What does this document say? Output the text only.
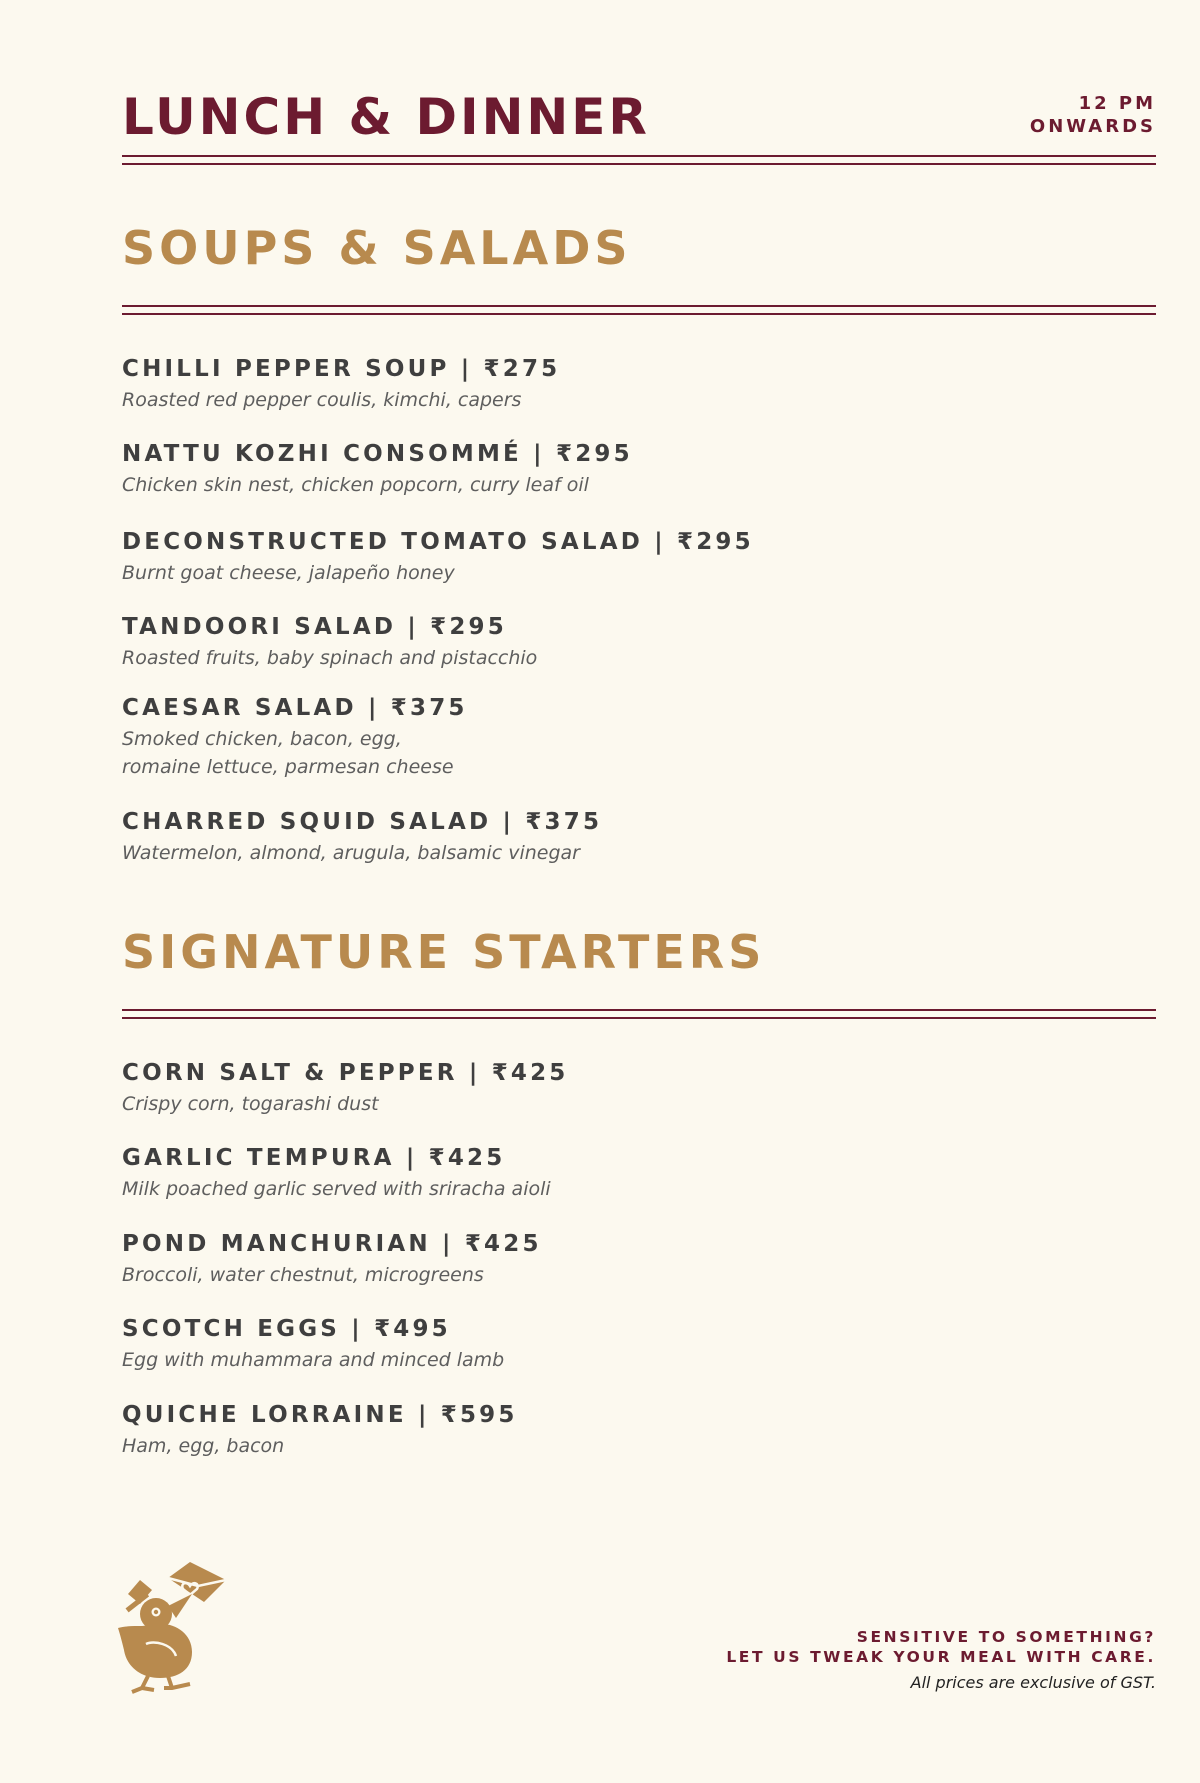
LUNCH & DINNER	12 PM
ONWARDS
SOUPS & SALADS
CHILLI PEPPER SOUP | ₹275
Roasted red pepper coulis, kimchi, capers
NATTU KOZHI CONSOMMÉ | ₹295
Chicken skin nest, chicken popcorn, curry leaf oil
DECONSTRUCTED TOMATO SALAD | ₹295
Burnt goat cheese, jalapeño honey
TANDOORI SALAD | ₹295
Roasted fruits, baby spinach and pistacchio
CAESAR SALAD | ₹375
Smoked chicken, bacon, egg,
romaine lettuce, parmesan cheese
CHARRED SQUID SALAD | ₹375
Watermelon, almond, arugula, balsamic vinegar
SIGNATURE STARTERS
CORN SALT & PEPPER | ₹425
Crispy corn, togarashi dust
GARLIC TEMPURA | ₹425
Milk poached garlic served with sriracha aioli
POND MANCHURIAN | ₹425
Broccoli, water chestnut, microgreens
SCOTCH EGGS | ₹495
Egg with muhammara and minced lamb
QUICHE LORRAINE | ₹595
Ham, egg, bacon
SENSITIVE TO SOMETHING?
LET US TWEAK YOUR MEAL WITH CARE.
All prices are exclusive of GST.
